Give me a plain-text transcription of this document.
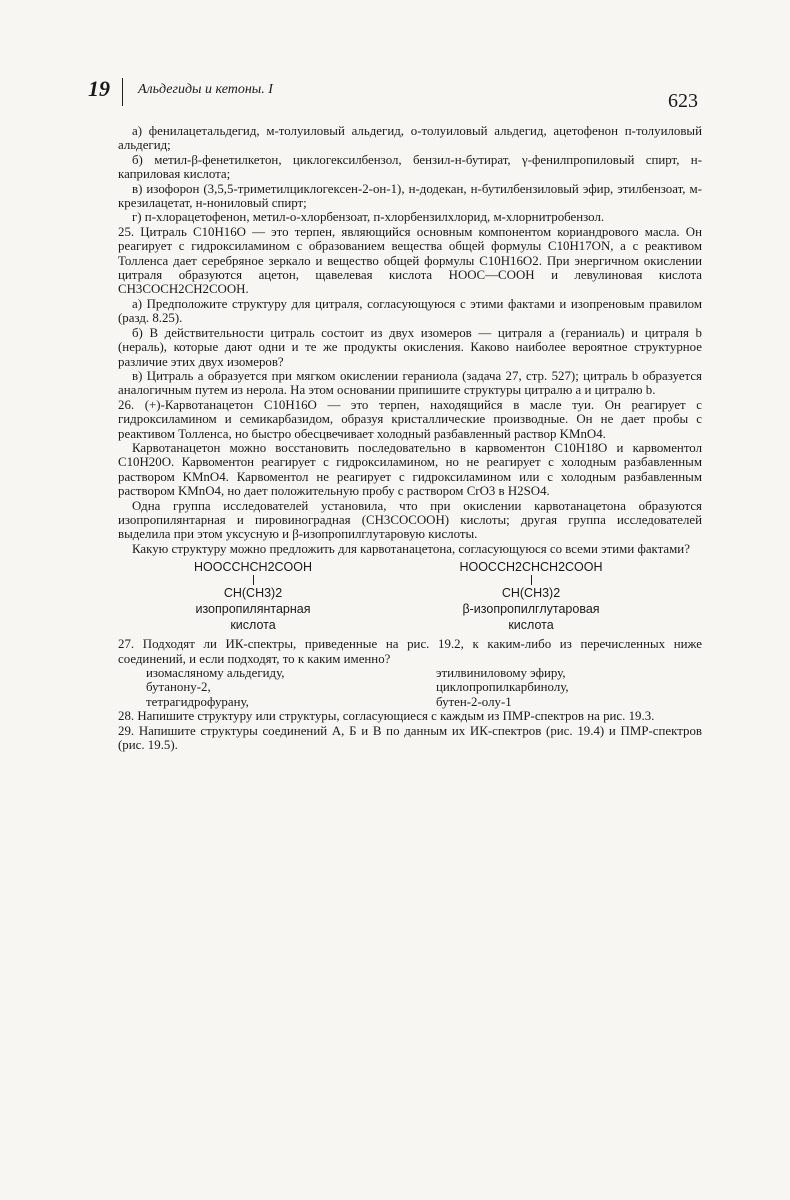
19 Альдегиды и кетоны. I
623

а) фенилацетальдегид, м-толуиловый альдегид, о-толуиловый альдегид, ацетофенон п-толуиловый альдегид;

б) метил-β-фенетилкетон, циклогексилбензол, бензил-н-бутират, γ-фенилпропиловый спирт, н-каприловая кислота;

в) изофорон (3,5,5-триметилциклогексен-2-он-1), н-додекан, н-бутилбензиловый эфир, этилбензоат, м-крезилацетат, н-нониловый спирт;

г) п-хлорацетофенон, метил-о-хлорбензоат, п-хлорбензилхлорид, м-хлорнитробензол.

25. Цитраль C10H16O — это терпен, являющийся основным компонентом кориандрового масла. Он реагирует с гидроксиламином с образованием вещества общей формулы C10H17ON, а с реактивом Толленса дает серебряное зеркало и вещество общей формулы C10H16O2. При энергичном окислении цитраля образуются ацетон, щавелевая кислота HOOC—COOH и левулиновая кислота CH3COCH2CH2COOH.

а) Предположите структуру для цитраля, согласующуюся с этими фактами и изопреновым правилом (разд. 8.25).

б) В действительности цитраль состоит из двух изомеров — цитраля a (гераниаль) и цитраля b (нераль), которые дают одни и те же продукты окисления. Каково наиболее вероятное структурное различие этих двух изомеров?

в) Цитраль a образуется при мягком окислении гераниола (задача 27, стр. 527); цитраль b образуется аналогичным путем из нерола. На этом основании припишите структуры цитралю a и цитралю b.

26. (+)-Карвотанацетон C10H16O — это терпен, находящийся в масле туи. Он реагирует с гидроксиламином и семикарбазидом, образуя кристаллические производные. Он не дает пробы с реактивом Толленса, но быстро обесцвечивает холодный разбавленный раствор KMnO4.

Карвотанацетон можно восстановить последовательно в карвоментон C10H18O и карвоментол C10H20O. Карвоментон реагирует с гидроксиламином, но не реагирует с холодным разбавленным раствором KMnO4. Карвоментол не реагирует с гидроксиламином или с холодным разбавленным раствором KMnO4, но дает положительную пробу с раствором CrO3 в H2SO4.

Одна группа исследователей установила, что при окислении карвотанацетона образуются изопропилянтарная и пировиноградная (CH3COCOOH) кислоты; другая группа исследователей выделила при этом уксусную и β-изопропилглутаровую кислоты.

Какую структуру можно предложить для карвотанацетона, согласующуюся со всеми этими фактами?

HOOCCHCH2COOH
CH(CH3)2
изопропилянтарная
кислота
HOOCCH2CHCH2COOH
CH(CH3)2
β-изопропилглутаровая
кислота

27. Подходят ли ИК-спектры, приведенные на рис. 19.2, к каким-либо из перечисленных ниже соединений, и если подходят, то к каким именно?

изомасляному альдегиду,	этилвиниловому эфиру,
бутанону-2,	циклопропилкарбинолу,
тетрагидрофурану,	бутен-2-олу-1

28. Напишите структуру или структуры, согласующиеся с каждым из ПМР-спектров на рис. 19.3.

29. Напишите структуры соединений А, Б и В по данным их ИК-спектров (рис. 19.4) и ПМР-спектров (рис. 19.5).
